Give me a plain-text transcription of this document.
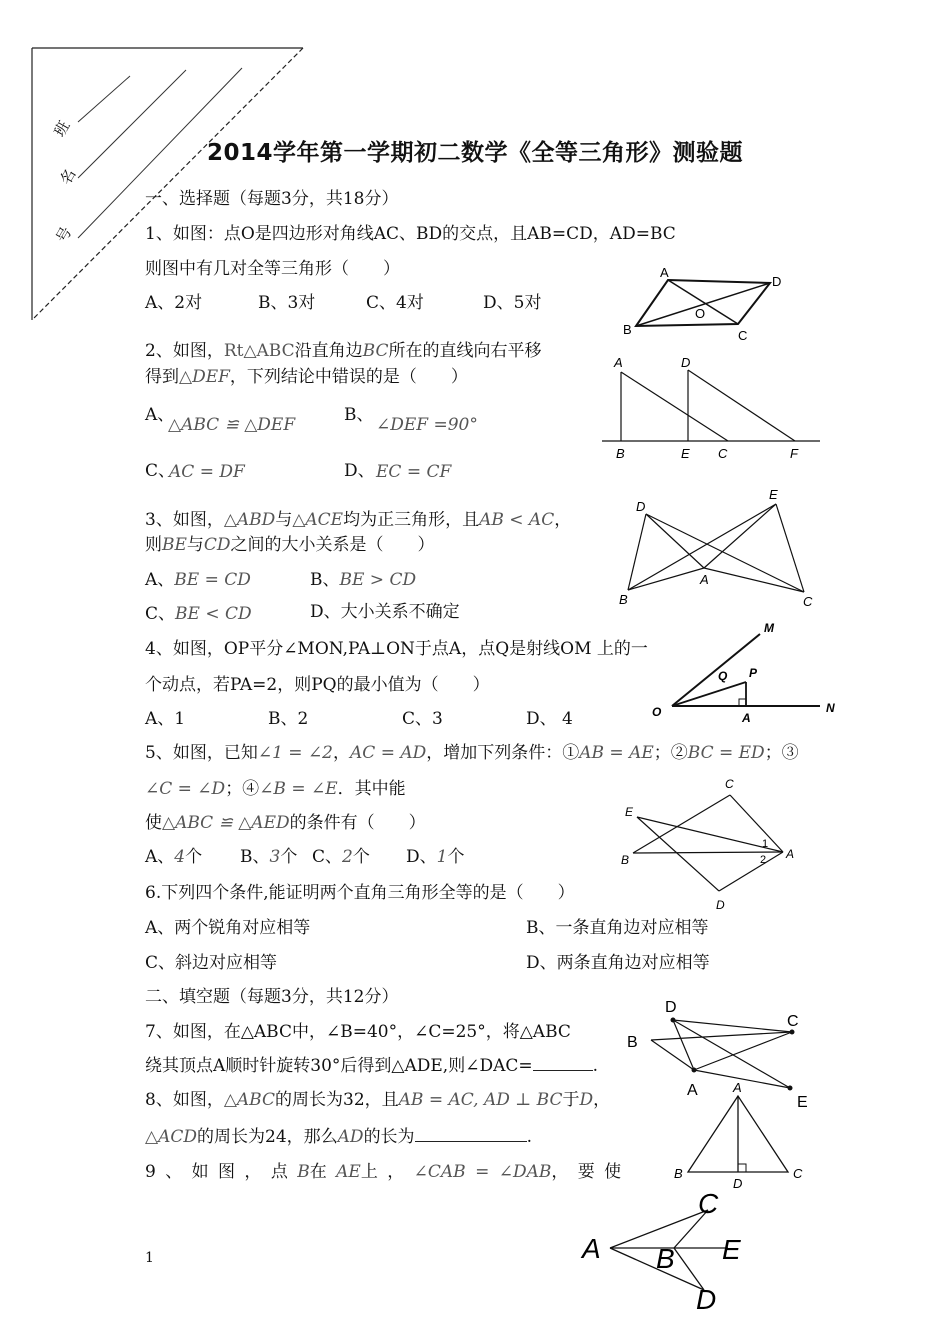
班
名
号
2014学年第一学期初二数学《全等三角形》测验题
一、选择题（每题3分，共18分）
1、如图：点O是四边形对角线AC、BD的交点，且AB=CD，AD=BC
则图中有几对全等三角形（　　）
A、2对	B、3对	C、4对	D、5对
2、如图，Rt△ABC沿直角边BC所在的直线向右平移
得到△DEF，下列结论中错误的是（　　）
A、
△ABC ≌ △DEF	B、 ∠DEF =90°
C、
AC = DF	D、 EC = CF
3、如图，△ABD与△ACE均为正三角形，且AB < AC，
则BE与CD之间的大小关系是（　　）
A、BE = CD	B、BE > CD
C、BE < CD	D、大小关系不确定
4、如图，OP平分∠MON,PA⊥ON于点A，点Q是射线OM 上的一
个动点，若PA=2，则PQ的最小值为（　　）
A、1	B、2	C、3	D、 4
5、如图，已知∠1 = ∠2，AC = AD，增加下列条件：①AB = AE；②BC = ED；③
∠C = ∠D；④∠B = ∠E．其中能
使△ABC ≌ △AED的条件有（　　）
A、4个 B、3个 C、2个 D、1个
6.下列四个条件,能证明两个直角三角形全等的是（　　）
A、两个锐角对应相等	B、一条直角边对应相等
C、斜边对应相等	D、两条直角边对应相等
二、填空题（每题3分，共12分）
7、如图，在△ABC中，∠B=40°，∠C=25°，将△ABC
绕其顶点A顺时针旋转30°后得到△ADE,则∠DAC=	.
8、如图，△ABC的周长为32，且AB = AC, AD ⊥ BC于D，
△ACD的周长为24，那么AD的长为	.
9 、 如 图 ， 点 B在 AE上 ， ∠CAB = ∠DAB， 要 使
A
D
O
B	C
A	D
B	E C	F
D
E
A
B	C
M
P
Q
O	A
N
C
E
1
2 A
B
D
D
C
B
A
E
A
B
D
C
C
A B E
D
1
